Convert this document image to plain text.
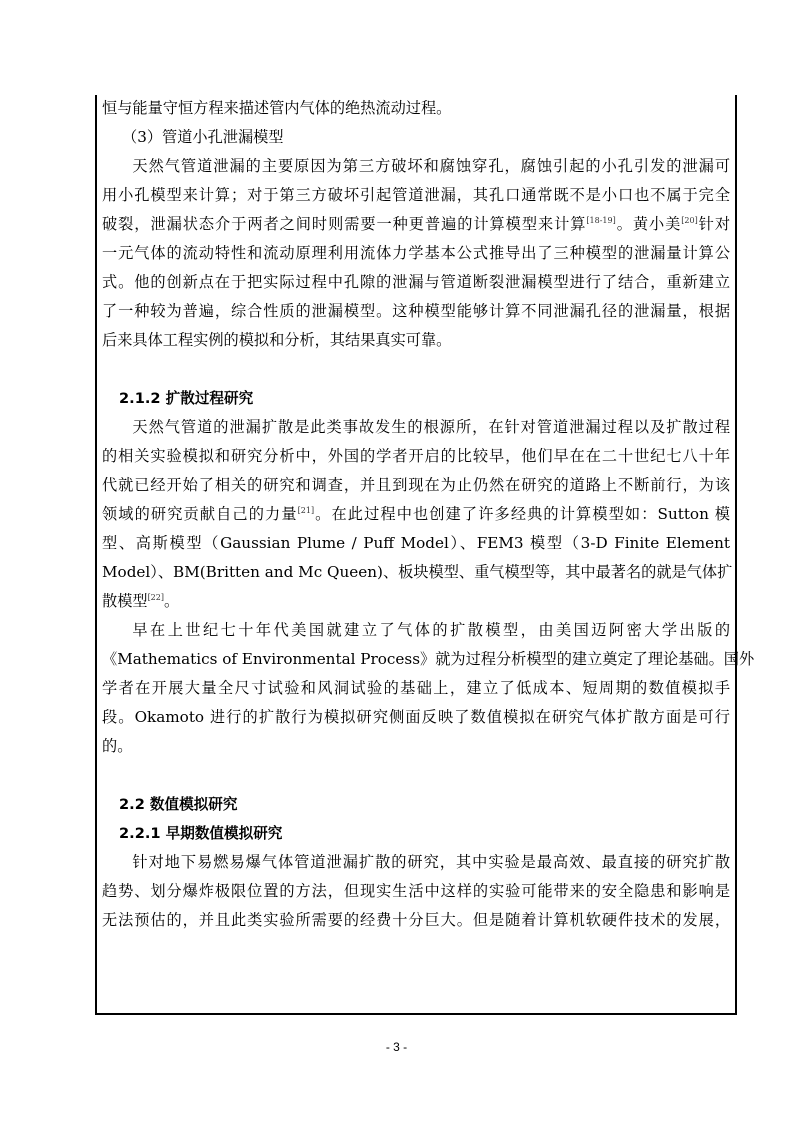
恒与能量守恒方程来描述管内气体的绝热流动过程。
（3）管道小孔泄漏模型
天然气管道泄漏的主要原因为第三方破坏和腐蚀穿孔，腐蚀引起的小孔引发的泄漏可
用小孔模型来计算；对于第三方破坏引起管道泄漏，其孔口通常既不是小口也不属于完全
破裂，泄漏状态介于两者之间时则需要一种更普遍的计算模型来计算[18-19]。黄小美[20]针对
一元气体的流动特性和流动原理利用流体力学基本公式推导出了三种模型的泄漏量计算公
式。他的创新点在于把实际过程中孔隙的泄漏与管道断裂泄漏模型进行了结合，重新建立
了一种较为普遍，综合性质的泄漏模型。这种模型能够计算不同泄漏孔径的泄漏量，根据
后来具体工程实例的模拟和分析，其结果真实可靠。
2.1.2 扩散过程研究
天然气管道的泄漏扩散是此类事故发生的根源所，在针对管道泄漏过程以及扩散过程
的相关实验模拟和研究分析中，外国的学者开启的比较早，他们早在在二十世纪七八十年
代就已经开始了相关的研究和调查，并且到现在为止仍然在研究的道路上不断前行，为该
领域的研究贡献自己的力量[21]。在此过程中也创建了许多经典的计算模型如：Sutton 模
型、高斯模型（Gaussian Plume / Puff Model）、FEM3 模型（3-D Finite Element
Model）、BM(Britten and Mc Queen)、板块模型、重气模型等，其中最著名的就是气体扩
散模型[22]。
早在上世纪七十年代美国就建立了气体的扩散模型，由美国迈阿密大学出版的
《Mathematics of Environmental Process》就为过程分析模型的建立奠定了理论基础。国外
学者在开展大量全尺寸试验和风洞试验的基础上，建立了低成本、短周期的数值模拟手
段。Okamoto 进行的扩散行为模拟研究侧面反映了数值模拟在研究气体扩散方面是可行
的。
2.2 数值模拟研究
2.2.1 早期数值模拟研究
针对地下易燃易爆气体管道泄漏扩散的研究，其中实验是最高效、最直接的研究扩散
趋势、划分爆炸极限位置的方法，但现实生活中这样的实验可能带来的安全隐患和影响是
无法预估的，并且此类实验所需要的经费十分巨大。但是随着计算机软硬件技术的发展，
- 3 -
